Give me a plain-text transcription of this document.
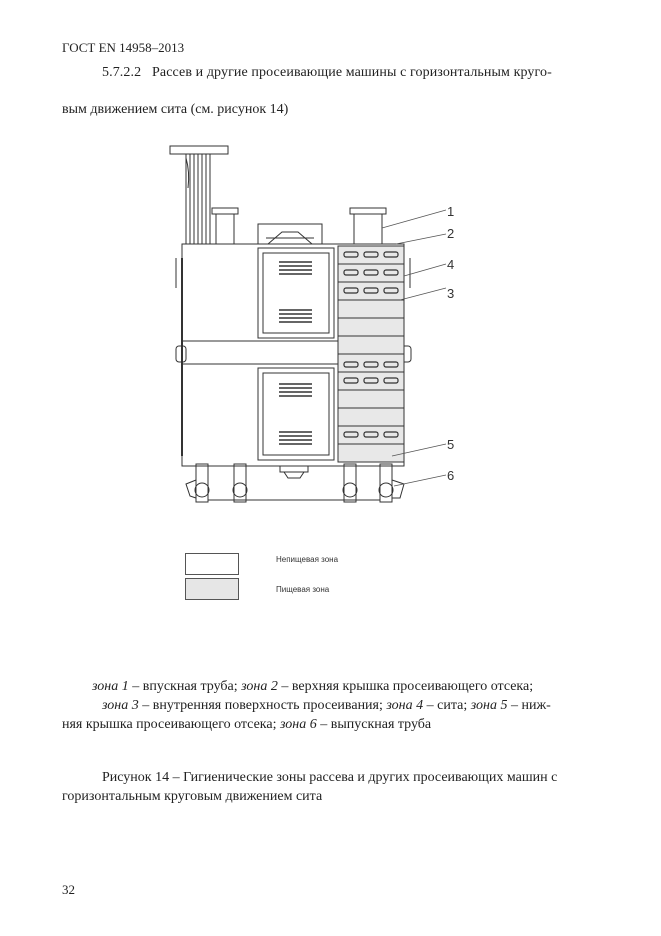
ГОСТ EN 14958–2013
5.7.2.2 Рассев и другие просеивающие машины с горизонтальным круго-
вым движением сита (см. рисунок 14)
1
2
4
3
5
6
Непищевая зона
Пищевая зона

зона 1 – впускная труба; зона 2 – верхняя крышка просеивающего отсека;

зона 3 – внутренняя поверхность просеивания; зона 4 – сита; зона 5 – ниж-

няя крышка просеивающего отсека; зона 6 – выпускная труба

Рисунок 14 – Гигиенические зоны рассева и других просеивающих машин с

горизонтальным круговым движением сита

32
